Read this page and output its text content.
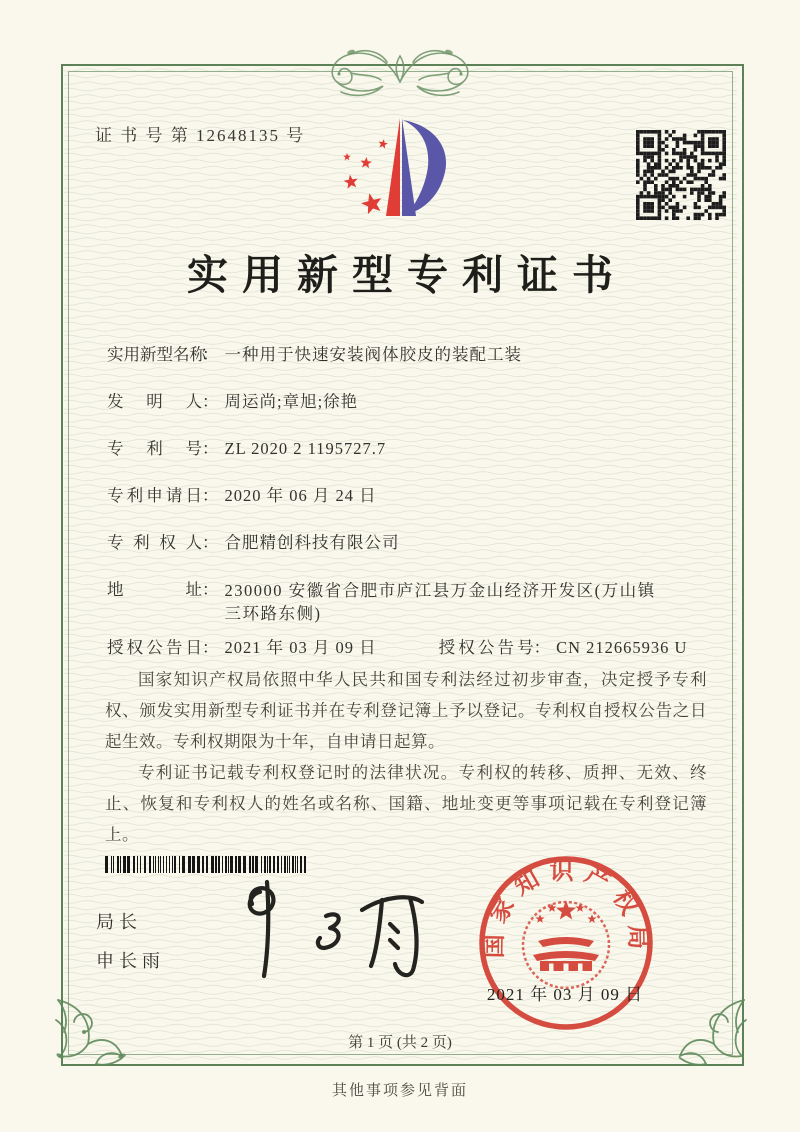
证 书 号 第 12648135 号
实用新型专利证书
实用新型名称： 一种用于快速安装阀体胶皮的装配工装
发明人： 周运尚;章旭;徐艳
专利号： ZL 2020 2 1195727.7
专利申请日： 2020 年 06 月 24 日
专利权人： 合肥精创科技有限公司
地址： 230000 安徽省合肥市庐江县万金山经济开发区(万山镇三环路东侧)
授权公告日： 2021 年 03 月 09 日	授权公告号： CN 212665936 U

国家知识产权局依照中华人民共和国专利法经过初步审查，决定授予专利权、颁发实用新型专利证书并在专利登记簿上予以登记。专利权自授权公告之日起生效。专利权期限为十年，自申请日起算。

专利证书记载专利权登记时的法律状况。专利权的转移、质押、无效、终止、恢复和专利权人的姓名或名称、国籍、地址变更等事项记载在专利登记簿上。

局长
申长雨
国家知识产权局
2021 年 03 月 09 日
第 1 页 (共 2 页)
其他事项参见背面
